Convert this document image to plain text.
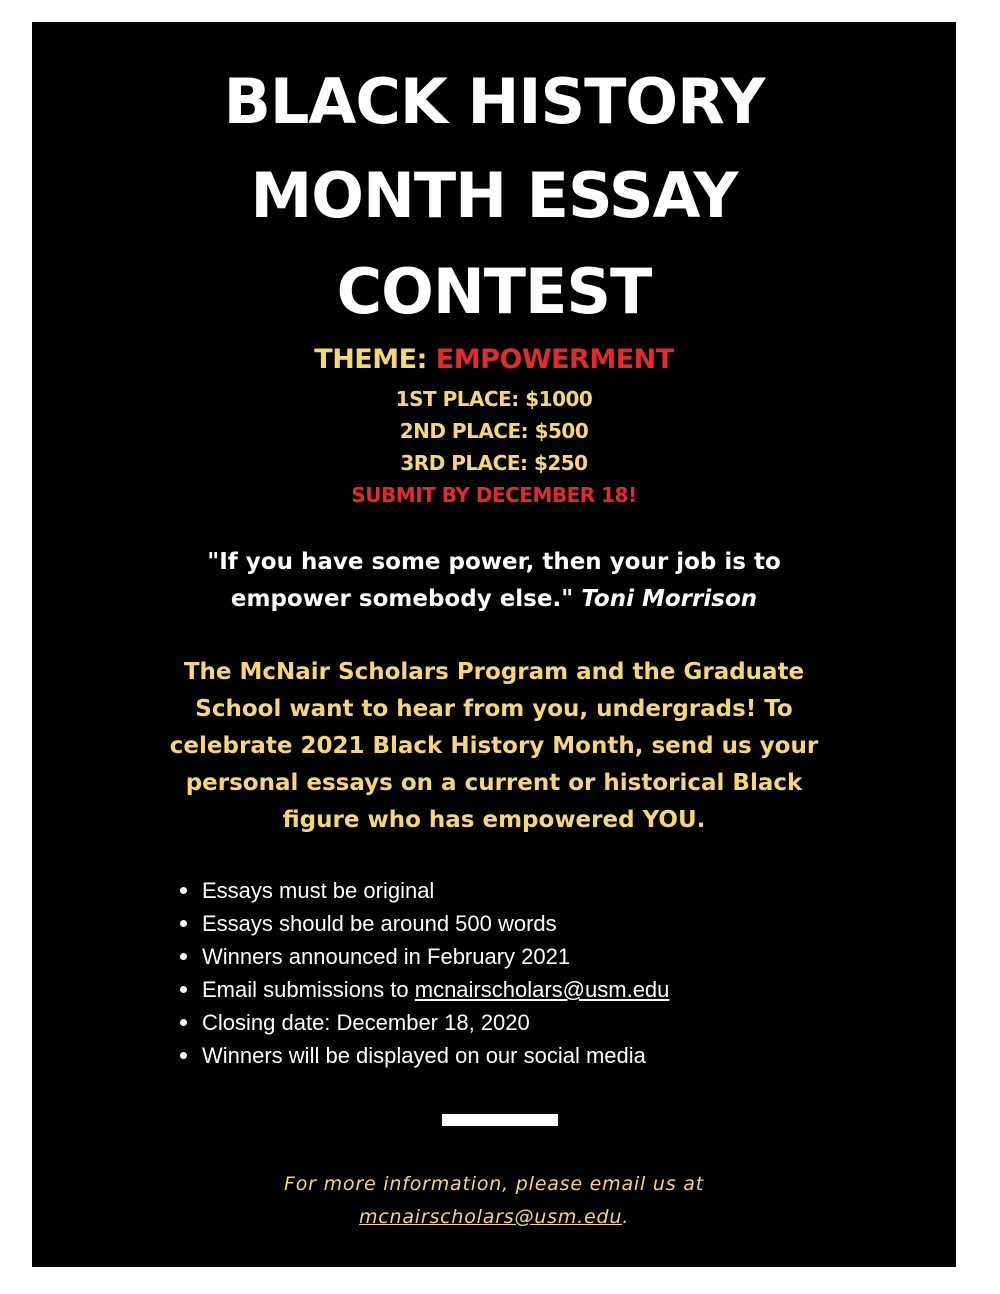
BLACK HISTORY
MONTH ESSAY
CONTEST
THEME: EMPOWERMENT
1ST PLACE: $1000
2ND PLACE: $500
3RD PLACE: $250
SUBMIT BY DECEMBER 18!
"If you have some power, then your job is to empower somebody else." Toni Morrison
The McNair Scholars Program and the Graduate School want to hear from you, undergrads! To celebrate 2021 Black History Month, send us your personal essays on a current or historical Black figure who has empowered YOU.
Essays must be original
Essays should be around 500 words
Winners announced in February 2021
Email submissions to mcnairscholars@usm.edu
Closing date: December 18, 2020
Winners will be displayed on our social media
For more information, please email us at
mcnairscholars@usm.edu.
